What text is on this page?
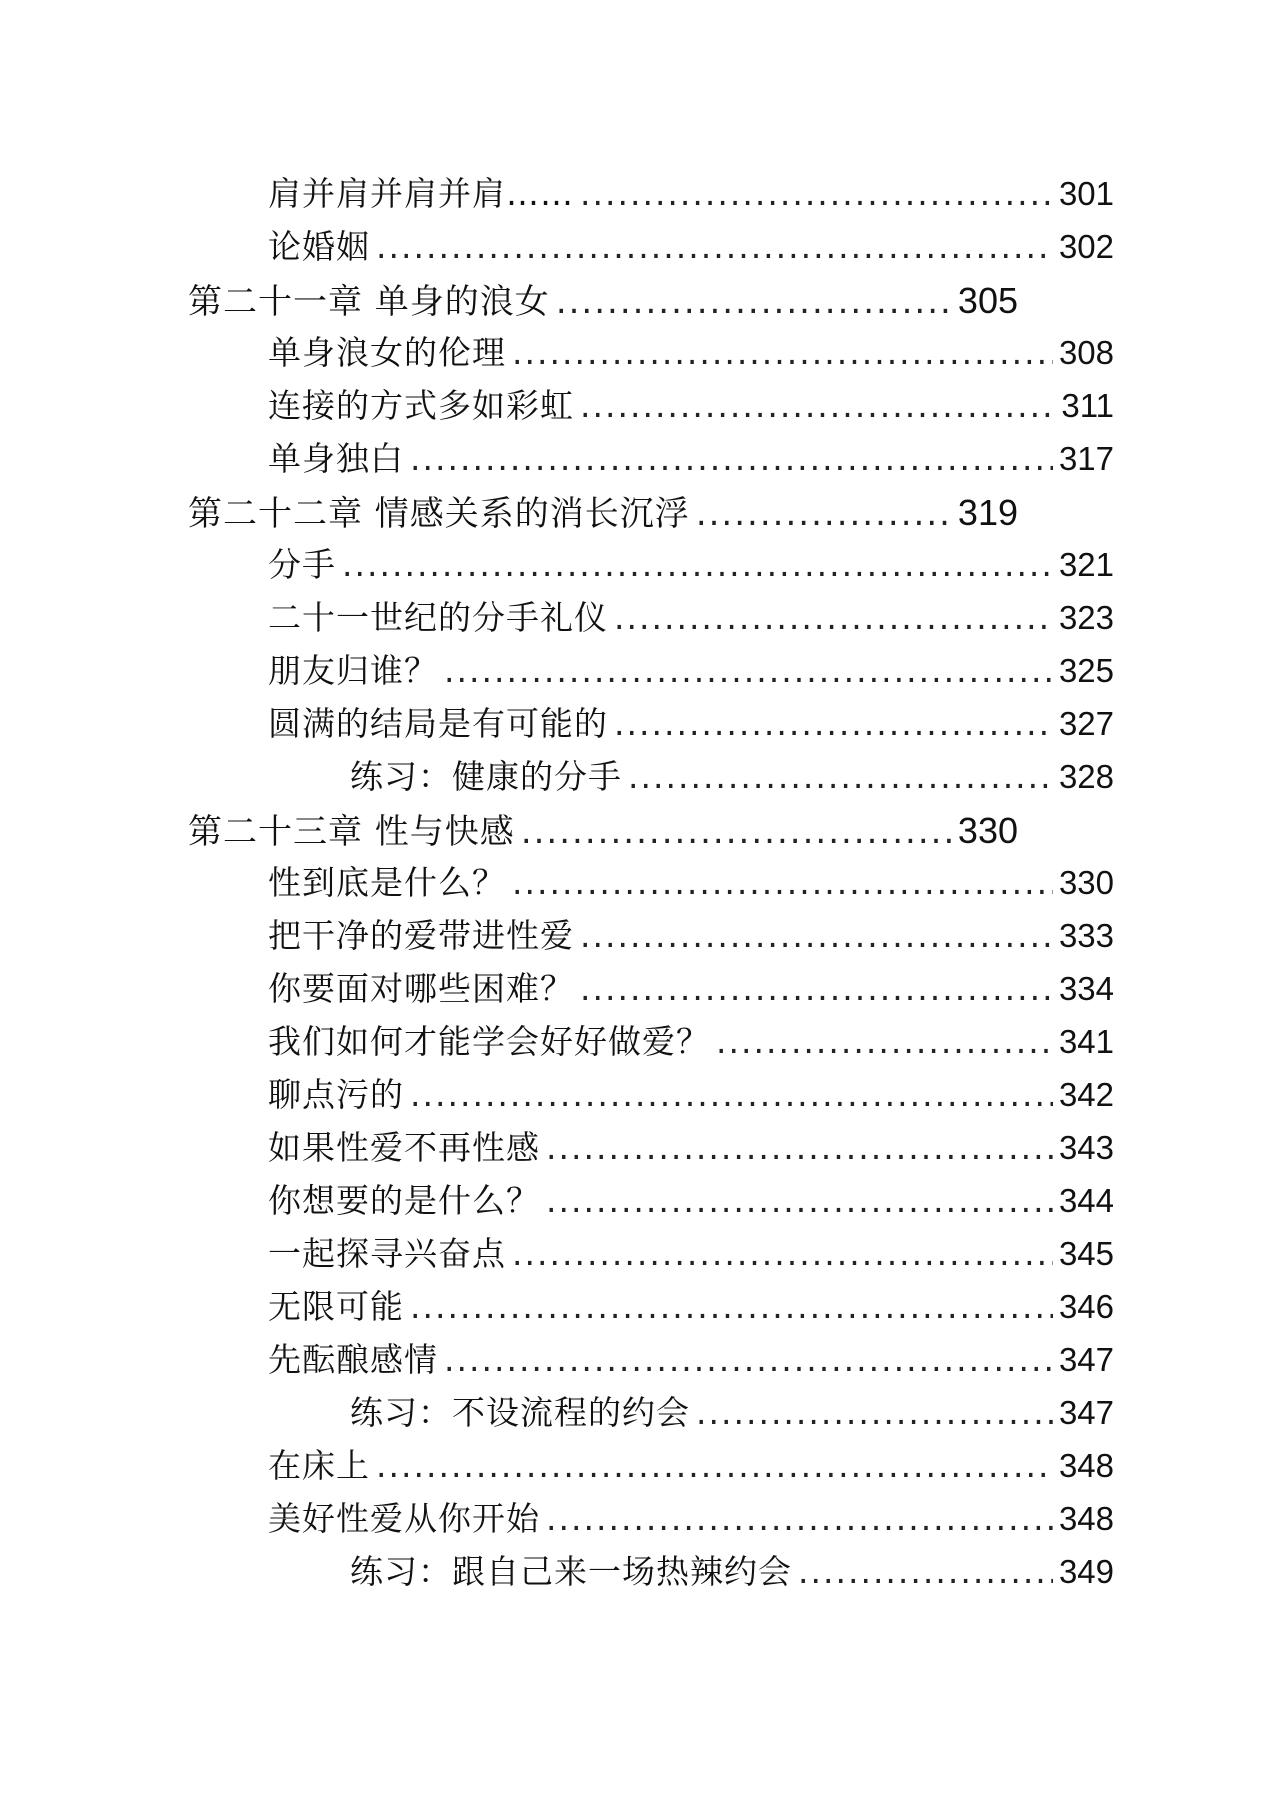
肩并肩并肩并肩…… .....	301
论婚姻 .....	302
第二十一章 单身的浪女 .....	305
单身浪女的伦理 .....	308
连接的方式多如彩虹 .....	311
单身独白 .....	317
第二十二章 情感关系的消长沉浮 .....	319
分手 .....	321
二十一世纪的分手礼仪 .....	323
朋友归谁？ .....	325
圆满的结局是有可能的 .....	327
练习：健康的分手 .....	328
第二十三章 性与快感 .....	330
性到底是什么？ .....	330
把干净的爱带进性爱 .....	333
你要面对哪些困难？ .....	334
我们如何才能学会好好做爱？ .....	341
聊点污的 .....	342
如果性爱不再性感 .....	343
你想要的是什么？ .....	344
一起探寻兴奋点 .....	345
无限可能 .....	346
先酝酿感情 .....	347
练习：不设流程的约会 .....	347
在床上 .....	348
美好性爱从你开始 .....	348
练习：跟自己来一场热辣约会 .....	349
